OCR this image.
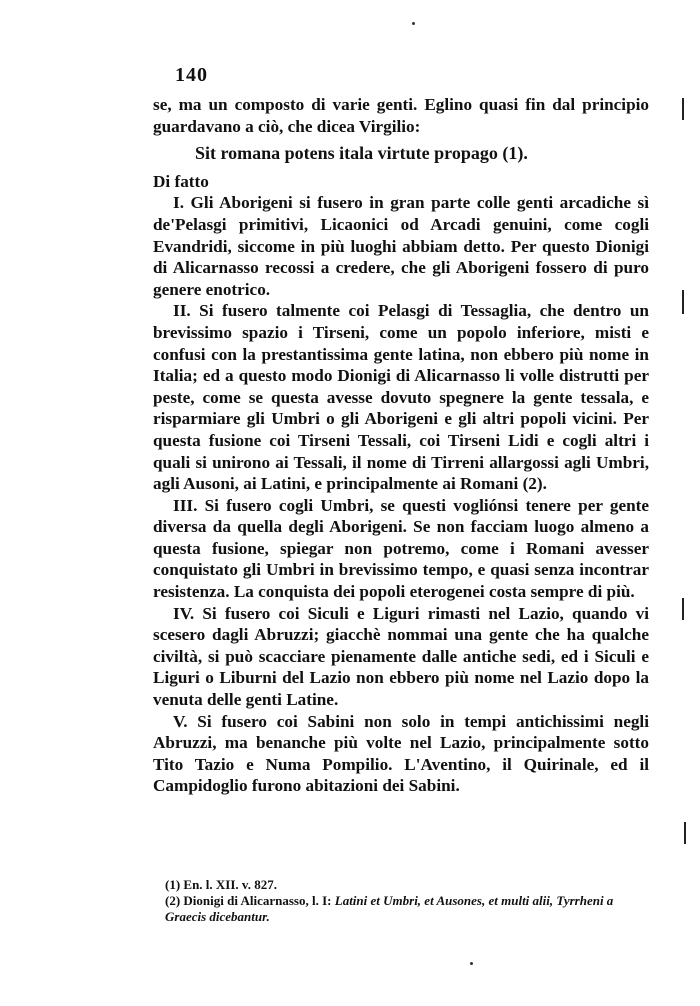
140

se, ma un composto di varie genti. Eglino quasi fin dal principio guardavano a ciò, che dicea Virgilio:

Sit romana potens itala virtute propago (1).

Di fatto

I. Gli Aborigeni si fusero in gran parte colle genti arcadiche sì de'Pelasgi primitivi, Licaonici od Arcadi genuini, come cogli Evandridi, siccome in più luoghi abbiam detto. Per questo Dionigi di Alicarnasso recossi a credere, che gli Aborigeni fossero di puro genere enotrico.

II. Si fusero talmente coi Pelasgi di Tessaglia, che dentro un brevissimo spazio i Tirseni, come un popolo inferiore, misti e confusi con la prestantissima gente latina, non ebbero più nome in Italia; ed a questo modo Dionigi di Alicarnasso li volle distrutti per peste, come se questa avesse dovuto spegnere la gente tessala, e risparmiare gli Umbri o gli Aborigeni e gli altri popoli vicini. Per questa fusione coi Tirseni Tessali, coi Tirseni Lidi e cogli altri i quali si unirono ai Tessali, il nome di Tirreni allargossi agli Umbri, agli Ausoni, ai Latini, e principalmente ai Romani (2).

III. Si fusero cogli Umbri, se questi vogliónsi tenere per gente diversa da quella degli Aborigeni. Se non facciam luogo almeno a questa fusione, spiegar non potremo, come i Romani avesser conquistato gli Umbri in brevissimo tempo, e quasi senza incontrar resistenza. La conquista dei popoli eterogenei costa sempre di più.

IV. Si fusero coi Siculi e Liguri rimasti nel Lazio, quando vi scesero dagli Abruzzi; giacchè nommai una gente che ha qualche civiltà, si può scacciare pienamente dalle antiche sedi, ed i Siculi e Liguri o Liburni del Lazio non ebbero più nome nel Lazio dopo la venuta delle genti Latine.

V. Si fusero coi Sabini non solo in tempi antichissimi negli Abruzzi, ma benanche più volte nel Lazio, principalmente sotto Tito Tazio e Numa Pompilio. L'Aventino, il Quirinale, ed il Campidoglio furono abitazioni dei Sabini.

(1) En. l. XII. v. 827.

(2) Dionigi di Alicarnasso, l. I: Latini et Umbri, et Ausones, et multi alii, Tyrrheni a Graecis dicebantur.
